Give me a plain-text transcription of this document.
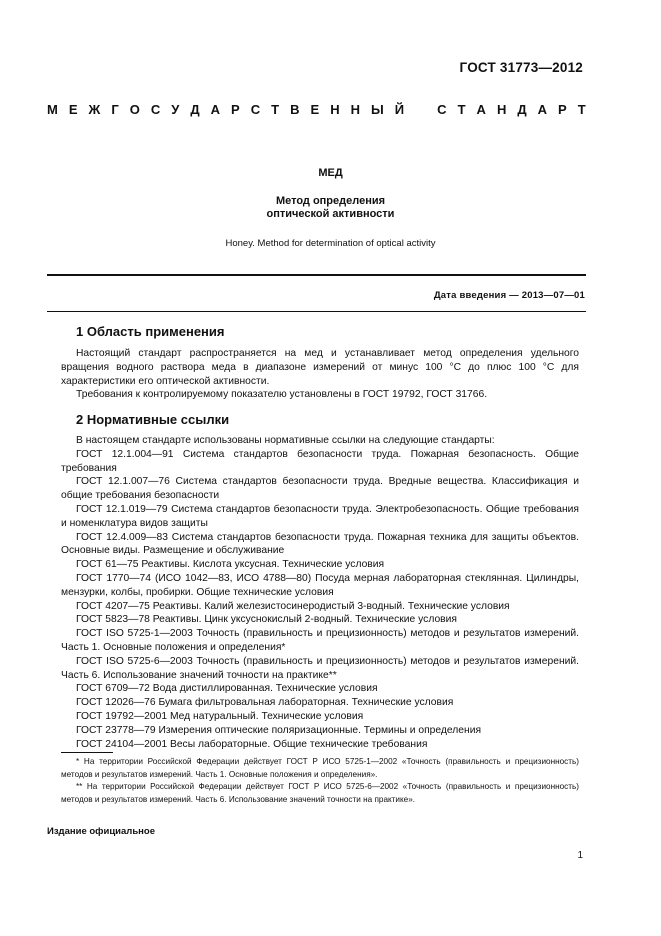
ГОСТ 31773—2012
М Е Ж Г О С У Д А Р С Т В Е Н Н Ы Й	С Т А Н Д А Р Т
МЕД
Метод определения
оптической активности
Honey. Method for determination of optical activity
Дата введения — 2013—07—01
1 Область применения

Настоящий стандарт распространяется на мед и устанавливает метод определения удельного вращения водного раствора меда в диапазоне измерений от минус 100 °С до плюс 100 °С для характеристики его оптической активности.

Требования к контролируемому показателю установлены в ГОСТ 19792, ГОСТ 31766.

2 Нормативные ссылки

В настоящем стандарте использованы нормативные ссылки на следующие стандарты:

ГОСТ 12.1.004—91 Система стандартов безопасности труда. Пожарная безопасность. Общие требования

ГОСТ 12.1.007—76 Система стандартов безопасности труда. Вредные вещества. Классификация и общие требования безопасности

ГОСТ 12.1.019—79 Система стандартов безопасности труда. Электробезопасность. Общие требования и номенклатура видов защиты

ГОСТ 12.4.009—83 Система стандартов безопасности труда. Пожарная техника для защиты объектов. Основные виды. Размещение и обслуживание

ГОСТ 61—75 Реактивы. Кислота уксусная. Технические условия

ГОСТ 1770—74 (ИСО 1042—83, ИСО 4788—80) Посуда мерная лабораторная стеклянная. Цилиндры, мензурки, колбы, пробирки. Общие технические условия

ГОСТ 4207—75 Реактивы. Калий железистосинеродистый 3-водный. Технические условия

ГОСТ 5823—78 Реактивы. Цинк уксуснокислый 2-водный. Технические условия

ГОСТ ISO 5725-1—2003 Точность (правильность и прецизионность) методов и результатов измерений. Часть 1. Основные положения и определения*

ГОСТ ISO 5725-6—2003 Точность (правильность и прецизионность) методов и результатов измерений. Часть 6. Использование значений точности на практике**

ГОСТ 6709—72 Вода дистиллированная. Технические условия

ГОСТ 12026—76 Бумага фильтровальная лабораторная. Технические условия

ГОСТ 19792—2001 Мед натуральный. Технические условия

ГОСТ 23778—79 Измерения оптические поляризационные. Термины и определения

ГОСТ 24104—2001 Весы лабораторные. Общие технические требования

* На территории Российской Федерации действует ГОСТ Р ИСО 5725-1—2002 «Точность (правильность и прецизионность) методов и результатов измерений. Часть 1. Основные положения и определения».

** На территории Российской Федерации действует ГОСТ Р ИСО 5725-6—2002 «Точность (правильность и прецизионность) методов и результатов измерений. Часть 6. Использование значений точности на практике».

Издание официальное
1
